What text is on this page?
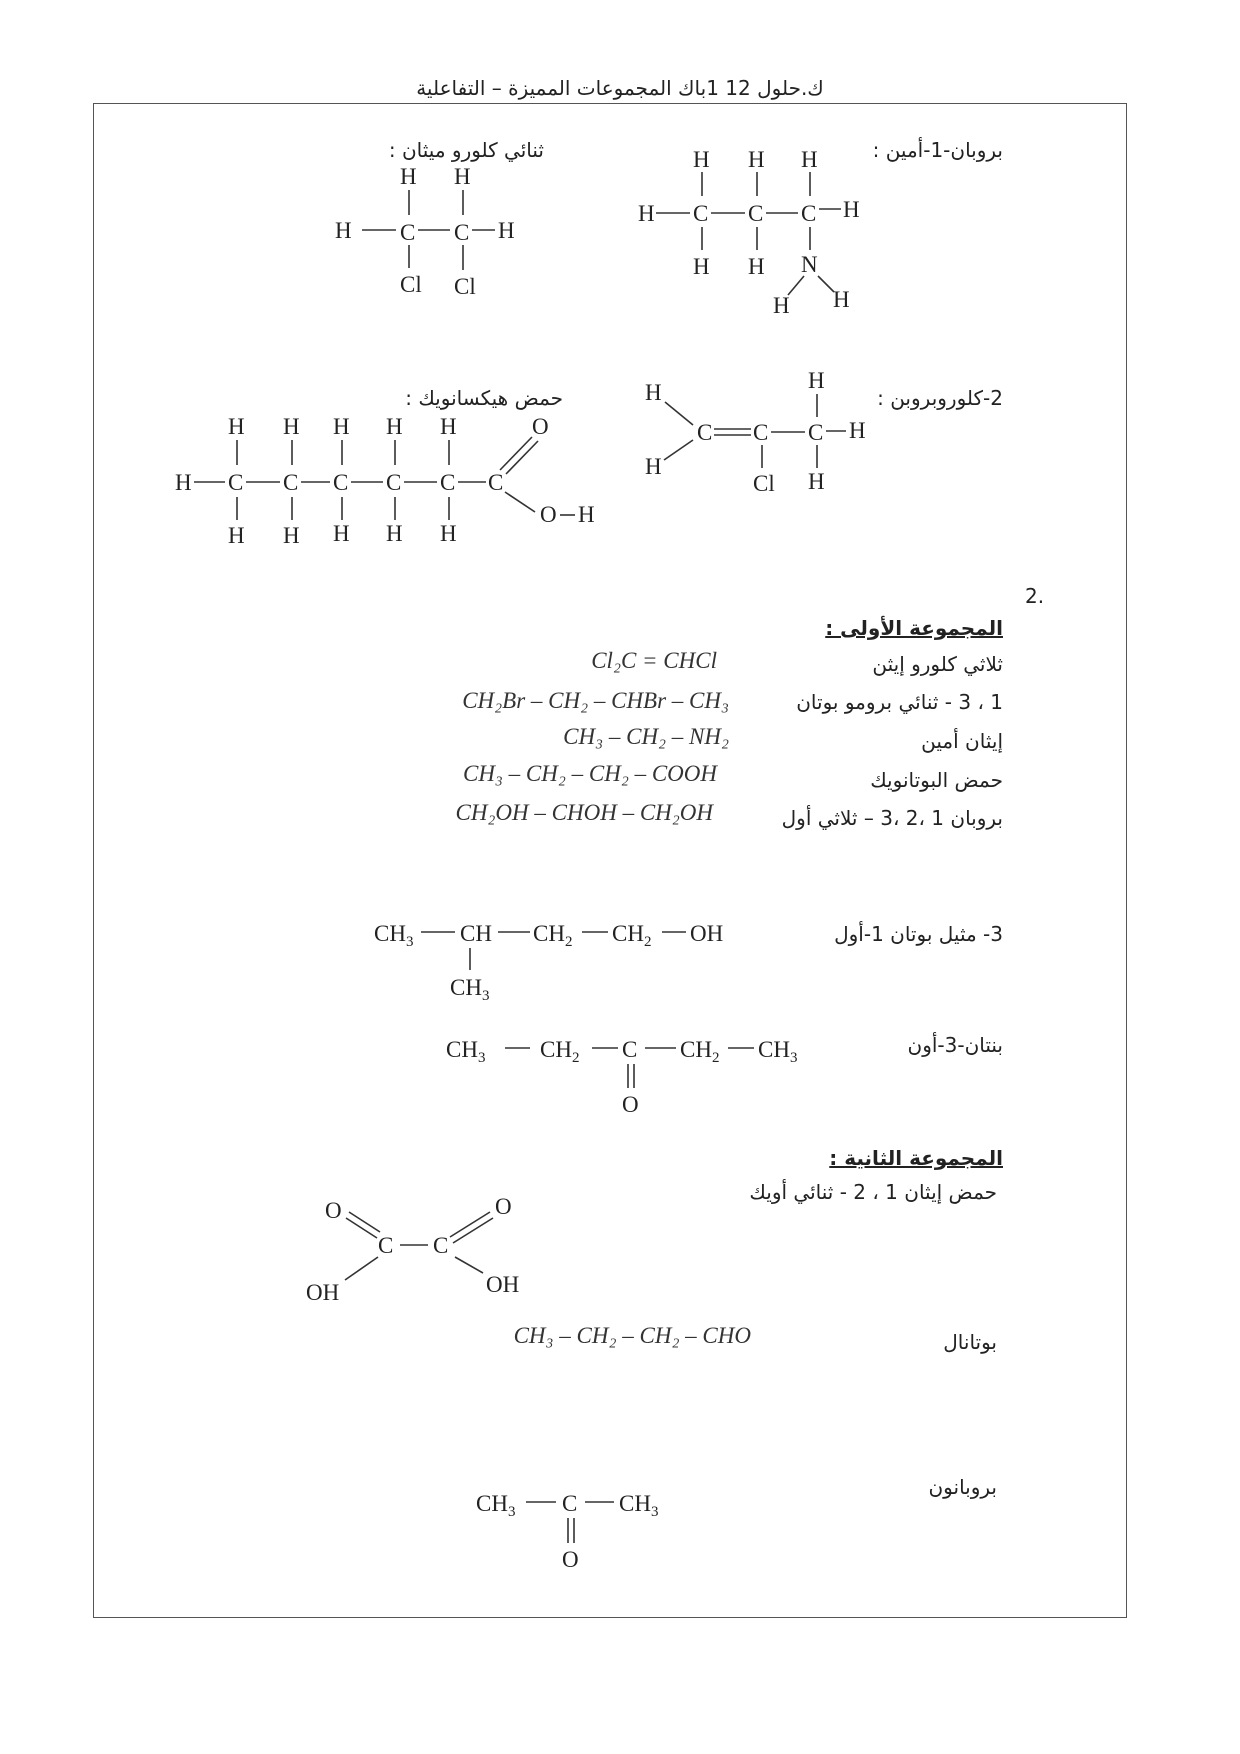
ك.حلول 12 1باك المجموعات المميزة – التفاعلية
بروبان-1-أمين :
ثنائي كلورو ميثان :
2-كلوروبروبن :
حمض هيكسانويك :
H H H
H C C C H
H H N
H H
H H
H C C H
Cl Cl
H
C C C H
H
H
Cl H
H H H H H
H C C C C C C
O
O H
H H H H H
2.
المجموعة الأولى :
ثلاثي كلورو إيثن
Cl₂C = CHCl
1 ، 3 - ثنائي برومو بوتان
CH₂Br – CH₂ – CHBr – CH₃
إيثان أمين
CH₃ – CH₂ – NH₂
حمض البوتانويك
CH₃ – CH₂ – CH₂ – COOH
بروبان 1 ،2 ،3 – ثلاثي أول
CH₂OH – CHOH – CH₂OH
3- مثيل بوتان 1-أول
$CH_3$ CH $CH_2$ $CH_2$ OH
$CH_3$
بنتان-3-أون
$CH_3$ $CH_2$ C $CH_2$ $CH_3$
O
المجموعة الثانية :
حمض إيثان 1 ، 2 - ثنائي أويك
O
C C
O
OH	OH
بوتانال
CH₃ – CH₂ – CH₂ – CHO
بروبانون
$CH_3$ C $CH_3$
O
